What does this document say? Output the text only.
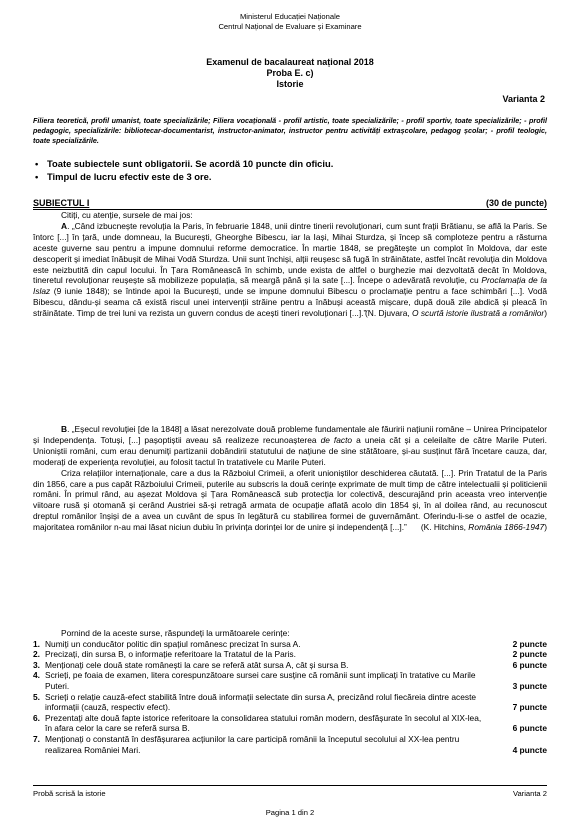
Ministerul Educației Naționale
Centrul Național de Evaluare și Examinare
Examenul de bacalaureat național 2018
Proba E. c)
Istorie
Varianta 2
Filiera teoretică, profil umanist, toate specializările; Filiera vocațională - profil artistic, toate specializările; - profil sportiv, toate specializările; - profil pedagogic, specializările: bibliotecar-documentarist, instructor-animator, instructor pentru activități extrașcolare, pedagog școlar; - profil teologic, toate specializările.
• Toate subiectele sunt obligatorii. Se acordă 10 puncte din oficiu.
• Timpul de lucru efectiv este de 3 ore.
SUBIECTUL I	(30 de puncte)

Citiți, cu atenție, sursele de mai jos:

A. „Când izbucnește revoluția la Paris, în februarie 1848, unii dintre tinerii revoluționari, cum sunt frații Brătianu, se află la Paris. Se întorc [...] în țară, unde domneau, la București, Gheorghe Bibescu, iar la Iași, Mihai Sturdza, și încep să comploteze pentru a răsturna aceste guverne sau pentru a impune domnului reforme democratice. În martie 1848, se pregătește un complot în Moldova, dar este descoperit și imediat înăbușit de Mihai Vodă Sturdza. Unii sunt închiși, alții reușesc să fugă în străinătate, astfel încât revoluția din Moldova este neizbutită din capul locului. În Țara Românească în schimb, unde exista de altfel o burghezie mai dezvoltată decât în Moldova, tineretul revoluționar reușește să mobilizeze populația, să meargă până și la sate [...]. Începe o adevărată revoluție, cu Proclamația de la Islaz (9 iunie 1848); se întinde apoi la București, unde se impune domnului Bibescu o proclamație pentru a face schimbări [...]. Vodă Bibescu, dându-și seama că există riscul unei intervenții străine pentru a înăbuși această mișcare, după două zile abdică și pleacă în străinătate. Timp de trei luni va rezista un guvern condus de acești tineri revoluționari [...].”

(N. Djuvara, O scurtă istorie ilustrată a românilor)

B. „Eșecul revoluției [de la 1848] a lăsat nerezolvate două probleme fundamentale ale făuririi națiunii române – Unirea Principatelor și Independența. Totuși, [...] pașoptiștii aveau să realizeze recunoașterea de facto a uneia căt și a celeilalte de către Marile Puteri. Unioniștii români, cum erau denumiți partizanii dobândirii statutului de națiune de sine stătătoare, și-au susținut fără încetare cauza, dar, moderați de experiența revoluției, au folosit tactul în tratativele cu Marile Puteri.

Criza relațiilor internaționale, care a dus la Războiul Crimeii, a oferit unioniștilor deschiderea căutată. [...]. Prin Tratatul de la Paris din 1856, care a pus capăt Războiului Crimeii, puterile au subscris la două cerințe exprimate de mult timp de către intelectualii și politicienii români. În primul rând, au așezat Moldova și Țara Românească sub protecția lor colectivă, descurajând prin aceasta vreo intervenție viitoare rusă și otomană și cerând Austriei să-și retragă armata de ocupație aflată acolo din 1854 și, în al doilea rând, au recunoscut dreptul românilor înșiși de a avea un cuvânt de spus în legătură cu stabilirea formei de guvernământ. Oferindu-li-se o astfel de ocazie, majoritatea românilor n-au mai lăsat niciun dubiu în privința dorinței lor de unire și independență [...].”	(K. Hitchins, România 1866-1947)
Pornind de la aceste surse, răspundeți la următoarele cerințe:
1. Numiți un conducător politic din spațiul românesc precizat în sursa A.	2 puncte
2. Precizați, din sursa B, o informație referitoare la Tratatul de la Paris.	2 puncte
3. Menționați cele două state românești la care se referă atât sursa A, cât și sursa B.	6 puncte
4. Scrieți, pe foaia de examen, litera corespunzătoare sursei care susține că românii sunt implicați în tratative cu Marile Puteri.	3 puncte
5. Scrieți o relație cauză-efect stabilită între două informații selectate din sursa A, precizând rolul fiecăreia dintre aceste informații (cauză, respectiv efect).	7 puncte
6. Prezentați alte două fapte istorice referitoare la consolidarea statului român modern, desfășurate în secolul al XIX-lea, în afara celor la care se referă sursa B.	6 puncte
7. Menționați o constantă în desfășurarea acțiunilor la care participă românii la începutul secolului al XX-lea pentru realizarea României Mari.	4 puncte
Probă scrisă la istorie	Varianta 2
Pagina 1 din 2
